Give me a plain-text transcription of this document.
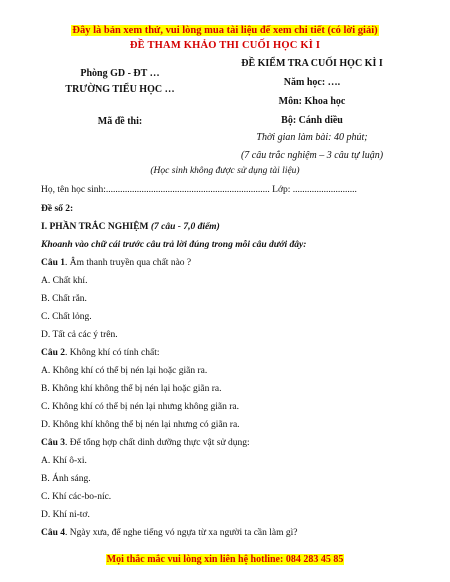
Đây là bản xem thử, vui lòng mua tài liệu để xem chi tiết (có lời giải)
ĐỀ THAM KHẢO THI CUỐI HỌC KÌ I
Phòng GD - ĐT …
TRƯỜNG TIỂU HỌC …
Mã đề thi:
ĐỀ KIỂM TRA CUỐI HỌC KÌ I
Năm học: ….
Môn: Khoa học
Bộ: Cánh diều
Thời gian làm bài: 40 phút;
(7 câu trắc nghiệm – 3 câu tự luận)
(Học sinh không được sử dụng tài liệu)
Họ, tên học sinh:..................................................................... Lớp: ...........................
Đề số 2:
I. PHẦN TRẮC NGHIỆM (7 câu - 7,0 điểm)
Khoanh vào chữ cái trước câu trả lời đúng trong mỗi câu dưới đây:
Câu 1. Âm thanh truyền qua chất nào ?
A. Chất khí.
B. Chất rắn.
C. Chất lỏng.
D. Tất cả các ý trên.
Câu 2. Không khí có tính chất:
A. Không khí có thể bị nén lại hoặc giãn ra.
B. Không khí không thể bị nén lại hoặc giãn ra.
C. Không khí có thể bị nén lại nhưng không giãn ra.
D. Không khí không thể bị nén lại nhưng có giãn ra.
Câu 3. Để tổng hợp chất dinh dưỡng thực vật sử dụng:
A. Khí ô-xi.
B. Ánh sáng.
C. Khí các-bo-níc.
D. Khí ni-tơ.
Câu 4. Ngày xưa, để nghe tiếng vó ngựa từ xa người ta cần làm gì?
Mọi thắc mắc vui lòng xin liên hệ hotline: 084 283 45 85
